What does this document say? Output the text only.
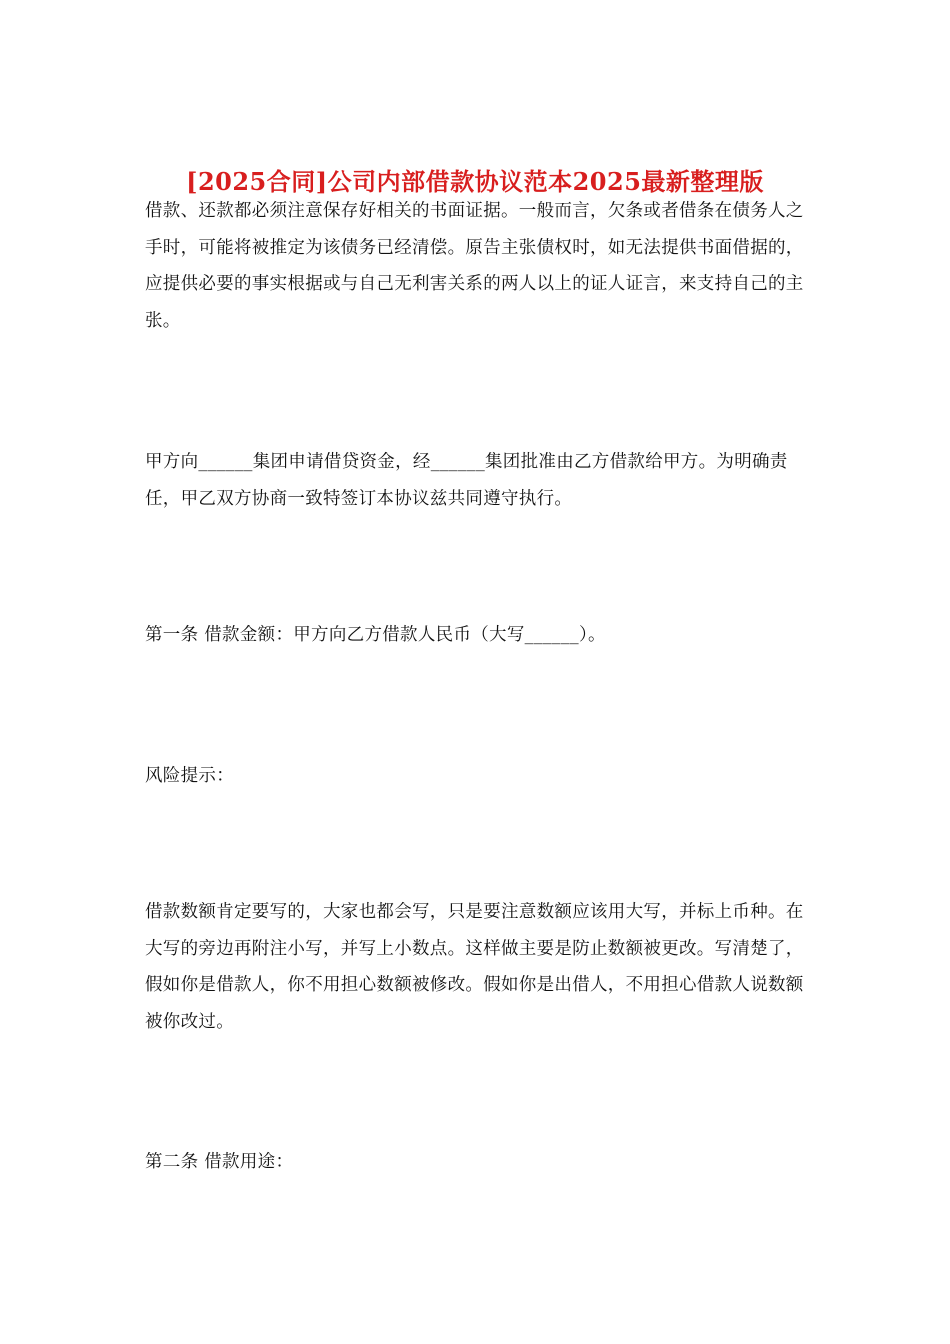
[2025合同]公司内部借款协议范本2025最新整理版

借款、还款都必须注意保存好相关的书面证据。一般而言，欠条或者借条在债务人之手时，可能将被推定为该债务已经清偿。原告主张债权时，如无法提供书面借据的，应提供必要的事实根据或与自己无利害关系的两人以上的证人证言，来支持自己的主张。

甲方向______集团申请借贷资金，经______集团批准由乙方借款给甲方。为明确责任，甲乙双方协商一致特签订本协议兹共同遵守执行。

第一条 借款金额：甲方向乙方借款人民币（大写______）。

风险提示：

借款数额肯定要写的，大家也都会写，只是要注意数额应该用大写，并标上币种。在大写的旁边再附注小写，并写上小数点。这样做主要是防止数额被更改。写清楚了，假如你是借款人，你不用担心数额被修改。假如你是出借人，不用担心借款人说数额被你改过。

第二条 借款用途：
